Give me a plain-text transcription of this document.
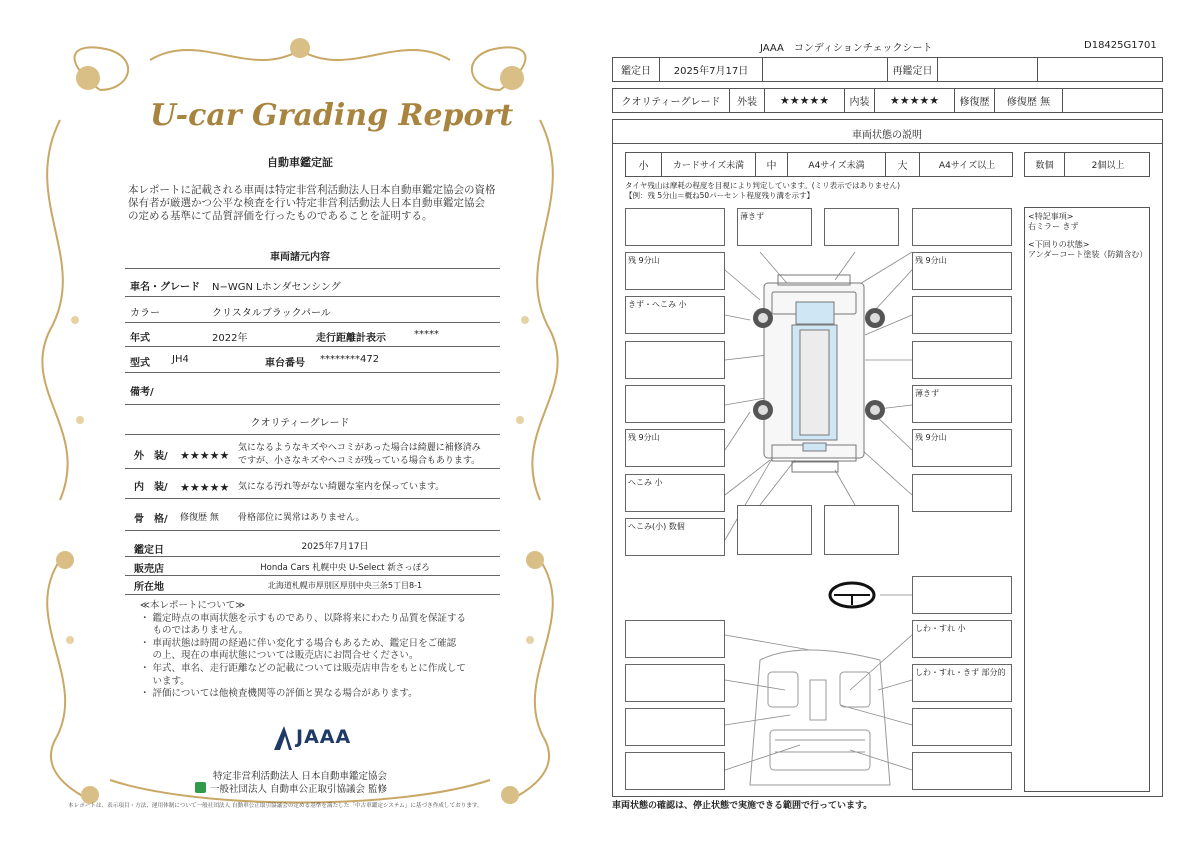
U-car Grading Report
自動車鑑定証
本レポートに記載される車両は特定非営利活動法人日本自動車鑑定協会の資格
保有者が厳選かつ公平な検査を行い特定非営利活動法人日本自動車鑑定協会
の定める基準にて品質評価を行ったものであることを証明する。
車両諸元内容
車名・グレード N−WGN Lホンダセンシング
カラー	クリスタルブラックパール
年式	2022年	走行距離計表示	*****
型式 JH4	車台番号 ********472
備考/
クオリティーグレード
外　装/ ★★★★★
気になるようなキズやヘコミがあった場合は綺麗に補修済み
ですが、小さなキズやヘコミが残っている場合もあります。
内　装/ ★★★★★ 気になる汚れ等がない綺麗な室内を保っています。
骨　格/ 修復歴 無 骨格部位に異常はありません。
鑑定日	2025年7月17日
販売店	Honda Cars 札幌中央 U-Select 新さっぽろ
所在地	北海道札幌市厚別区厚別中央三条5丁目8-1
≪本レポートについて≫
・ 鑑定時点の車両状態を示すものであり、以降将来にわたり品質を保証する
　 ものではありません。
・ 車両状態は時間の経過に伴い変化する場合もあるため、鑑定日をご確認
　 の上、現在の車両状態については販売店にお問合せください。
・ 年式、車名、走行距離などの記載については販売店申告をもとに作成して
　 います。
・ 評価については他検査機関等の評価と異なる場合があります。
JAAA
特定非営利活動法人 日本自動車鑑定協会
一般社団法人 自動車公正取引協議会 監修
本レポートは、表示項目・方法、運用体制について一般社団法人 自動車公正取引協議会の定める基準を満たした「中古車鑑定システム」に基づき作成しております。
JAAA　コンディションチェックシート	D18425G1701
鑑定日	2025年7月17日	再鑑定日
クオリティーグレード	外装	★★★★★	内装	★★★★★	修復歴	修復歴 無
車両状態の説明
小	カードサイズ未満	中	A4サイズ未満	大	A4サイズ以上	数個	2個以上
タイヤ残山は摩耗の程度を目視により判定しています。(ミリ表示ではありません)
【例：残 5分山＝概ね50パーセント程度残り溝を示す】
<特記事項>
右ミラー きず
<下回りの状態>
アンダーコート塗装（防錆含む）
残 9分山
きず・へこみ 小
残 9分山
へこみ 小
へこみ(小) 数個
薄きず
残 9分山
薄きず
残 9分山
しわ・すれ 小
しわ・すれ・きず 部分的
車両状態の確認は、停止状態で実施できる範囲で行っています。
